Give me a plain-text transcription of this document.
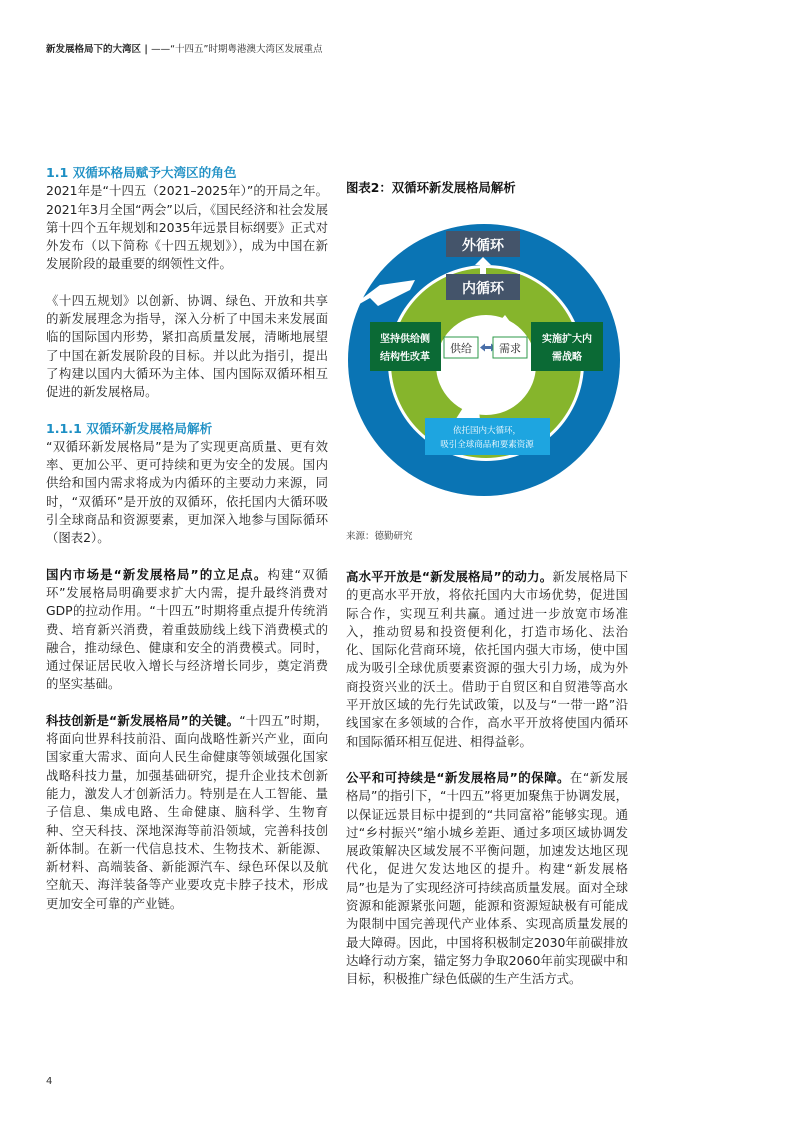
新发展格局下的大湾区 | ——“十四五”时期粤港澳大湾区发展重点

1.1 双循环格局赋予大湾区的角色

2021年是“十四五（2021–2025年）”的开局之年。2021年3月全国“两会”以后，《国民经济和社会发展第十四个五年规划和2035年远景目标纲要》正式对外发布（以下简称《十四五规划》），成为中国在新发展阶段的最重要的纲领性文件。

《十四五规划》以创新、协调、绿色、开放和共享的新发展理念为指导，深入分析了中国未来发展面临的国际国内形势，紧扣高质量发展，清晰地展望了中国在新发展阶段的目标。并以此为指引，提出了构建以国内大循环为主体、国内国际双循环相互促进的新发展格局。

1.1.1 双循环新发展格局解析

“双循环新发展格局”是为了实现更高质量、更有效率、更加公平、更可持续和更为安全的发展。国内供给和国内需求将成为内循环的主要动力来源，同时，“双循环”是开放的双循环，依托国内大循环吸引全球商品和资源要素，更加深入地参与国际循环（图表2）。

国内市场是“新发展格局”的立足点。构建“双循环”发展格局明确要求扩大内需，提升最终消费对GDP的拉动作用。“十四五”时期将重点提升传统消费、培育新兴消费，着重鼓励线上线下消费模式的融合，推动绿色、健康和安全的消费模式。同时，通过保证居民收入增长与经济增长同步，奠定消费的坚实基础。

科技创新是“新发展格局”的关键。“十四五”时期，将面向世界科技前沿、面向战略性新兴产业，面向国家重大需求、面向人民生命健康等领域强化国家战略科技力量，加强基础研究，提升企业技术创新能力，激发人才创新活力。特别是在人工智能、量子信息、集成电路、生命健康、脑科学、生物育种、空天科技、深地深海等前沿领域，完善科技创新体制。在新一代信息技术、生物技术、新能源、新材料、高端装备、新能源汽车、绿色环保以及航空航天、海洋装备等产业要攻克卡脖子技术，形成更加安全可靠的产业链。

图表2：双循环新发展格局解析
外循环
内循环
坚持供给侧
结构性改革
实施扩大内
需战略
供给 需求
依托国内大循环，
吸引全球商品和要素资源
来源：德勤研究

高水平开放是“新发展格局”的动力。新发展格局下的更高水平开放，将依托国内大市场优势，促进国际合作，实现互利共赢。通过进一步放宽市场准入，推动贸易和投资便利化，打造市场化、法治化、国际化营商环境，依托国内强大市场，使中国成为吸引全球优质要素资源的强大引力场，成为外商投资兴业的沃土。借助于自贸区和自贸港等高水平开放区域的先行先试政策，以及与“一带一路”沿线国家在多领域的合作，高水平开放将使国内循环和国际循环相互促进、相得益彰。

公平和可持续是“新发展格局”的保障。在“新发展格局”的指引下，“十四五”将更加聚焦于协调发展，以保证远景目标中提到的“共同富裕”能够实现。通过“乡村振兴”缩小城乡差距、通过多项区域协调发展政策解决区域发展不平衡问题，加速发达地区现代化，促进欠发达地区的提升。构建“新发展格局”也是为了实现经济可持续高质量发展。面对全球资源和能源紧张问题，能源和资源短缺极有可能成为限制中国完善现代产业体系、实现高质量发展的最大障碍。因此，中国将积极制定2030年前碳排放达峰行动方案，锚定努力争取2060年前实现碳中和目标，积极推广绿色低碳的生产生活方式。

4
